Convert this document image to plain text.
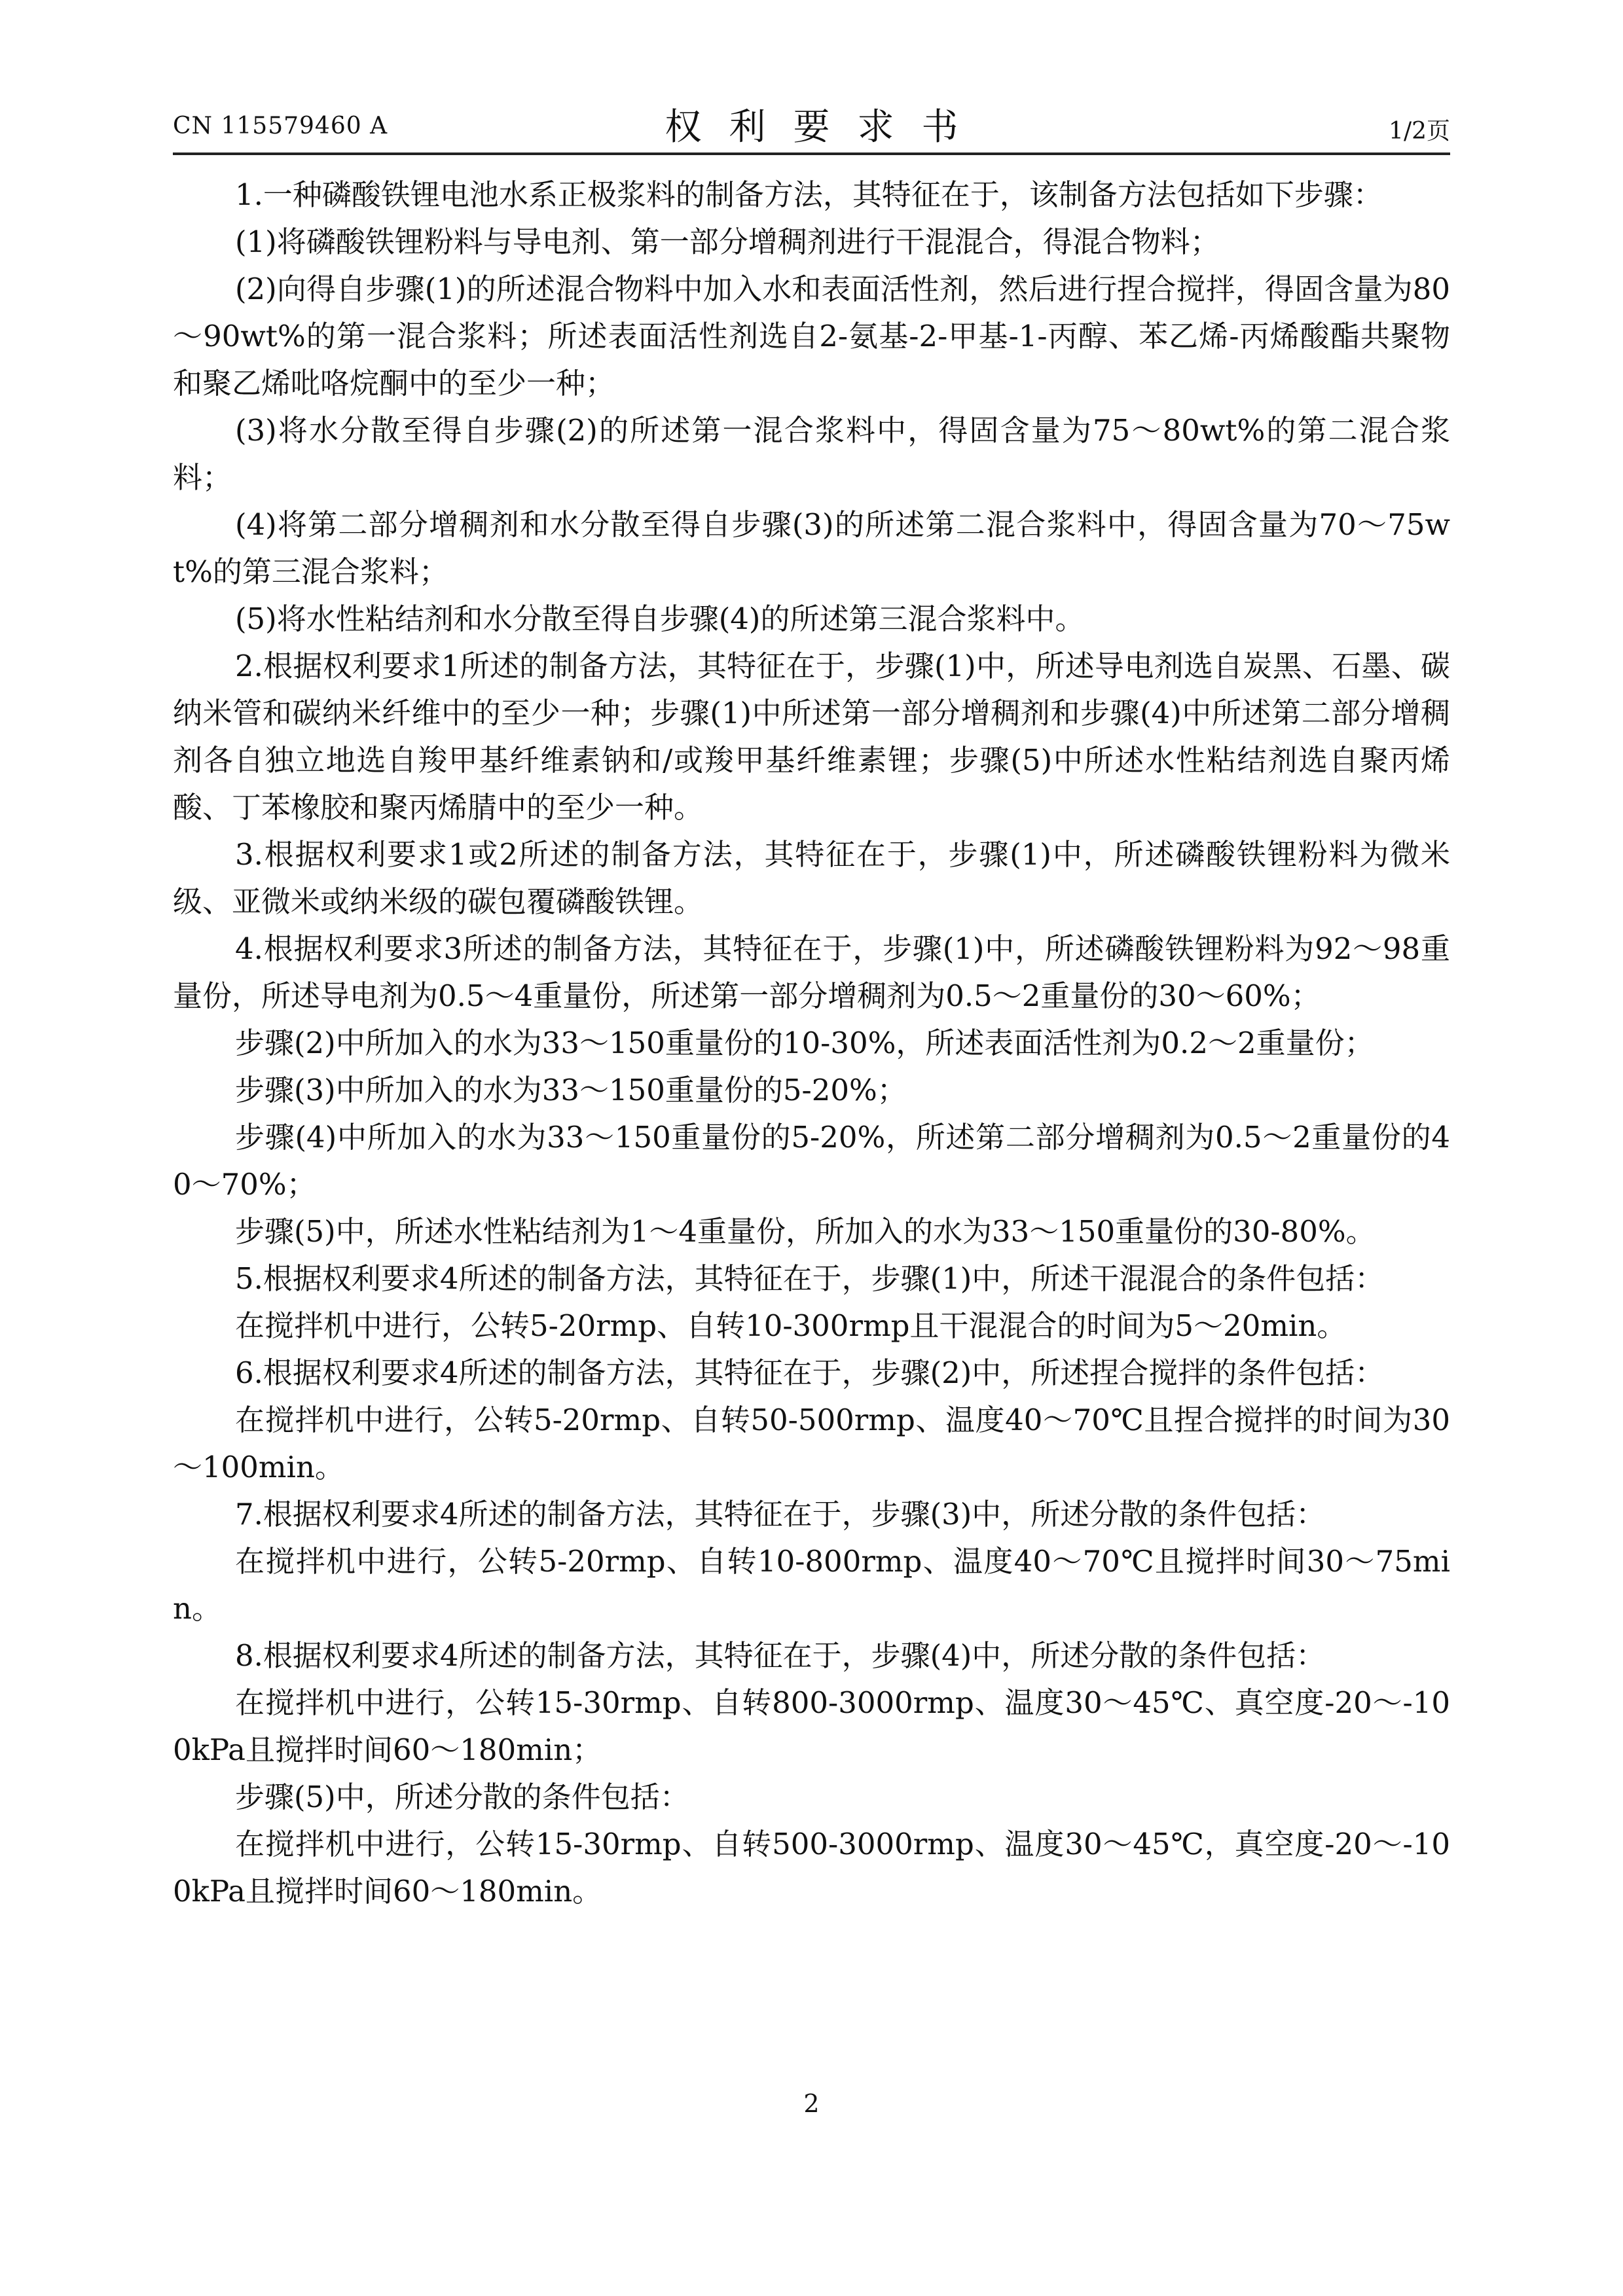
CN 115579460 A	权利要求书	1/2页

1.一种磷酸铁锂电池水系正极浆料的制备方法，其特征在于，该制备方法包括如下步骤：

(1)将磷酸铁锂粉料与导电剂、第一部分增稠剂进行干混混合，得混合物料；

(2)向得自步骤(1)的所述混合物料中加入水和表面活性剂，然后进行捏合搅拌，得固含量为80～90wt%的第一混合浆料；所述表面活性剂选自2-氨基-2-甲基-1-丙醇、苯乙烯-丙烯酸酯共聚物和聚乙烯吡咯烷酮中的至少一种；

(3)将水分散至得自步骤(2)的所述第一混合浆料中，得固含量为75～80wt%的第二混合浆料；

(4)将第二部分增稠剂和水分散至得自步骤(3)的所述第二混合浆料中，得固含量为70～75wt%的第三混合浆料；

(5)将水性粘结剂和水分散至得自步骤(4)的所述第三混合浆料中。

2.根据权利要求1所述的制备方法，其特征在于，步骤(1)中，所述导电剂选自炭黑、石墨、碳纳米管和碳纳米纤维中的至少一种；步骤(1)中所述第一部分增稠剂和步骤(4)中所述第二部分增稠剂各自独立地选自羧甲基纤维素钠和/或羧甲基纤维素锂；步骤(5)中所述水性粘结剂选自聚丙烯酸、丁苯橡胶和聚丙烯腈中的至少一种。

3.根据权利要求1或2所述的制备方法，其特征在于，步骤(1)中，所述磷酸铁锂粉料为微米级、亚微米或纳米级的碳包覆磷酸铁锂。

4.根据权利要求3所述的制备方法，其特征在于，步骤(1)中，所述磷酸铁锂粉料为92～98重量份，所述导电剂为0.5～4重量份，所述第一部分增稠剂为0.5～2重量份的30～60%；

步骤(2)中所加入的水为33～150重量份的10-30%，所述表面活性剂为0.2～2重量份；

步骤(3)中所加入的水为33～150重量份的5-20%；

步骤(4)中所加入的水为33～150重量份的5-20%，所述第二部分增稠剂为0.5～2重量份的40～70%；

步骤(5)中，所述水性粘结剂为1～4重量份，所加入的水为33～150重量份的30-80%。

5.根据权利要求4所述的制备方法，其特征在于，步骤(1)中，所述干混混合的条件包括：

在搅拌机中进行，公转5-20rmp、自转10-300rmp且干混混合的时间为5～20min。

6.根据权利要求4所述的制备方法，其特征在于，步骤(2)中，所述捏合搅拌的条件包括：

在搅拌机中进行，公转5-20rmp、自转50-500rmp、温度40～70℃且捏合搅拌的时间为30～100min。

7.根据权利要求4所述的制备方法，其特征在于，步骤(3)中，所述分散的条件包括：

在搅拌机中进行，公转5-20rmp、自转10-800rmp、温度40～70℃且搅拌时间30～75min。

8.根据权利要求4所述的制备方法，其特征在于，步骤(4)中，所述分散的条件包括：

在搅拌机中进行，公转15-30rmp、自转800-3000rmp、温度30～45℃、真空度-20～-100kPa且搅拌时间60～180min；

步骤(5)中，所述分散的条件包括：

在搅拌机中进行，公转15-30rmp、自转500-3000rmp、温度30～45℃，真空度-20～-100kPa且搅拌时间60～180min。

2
